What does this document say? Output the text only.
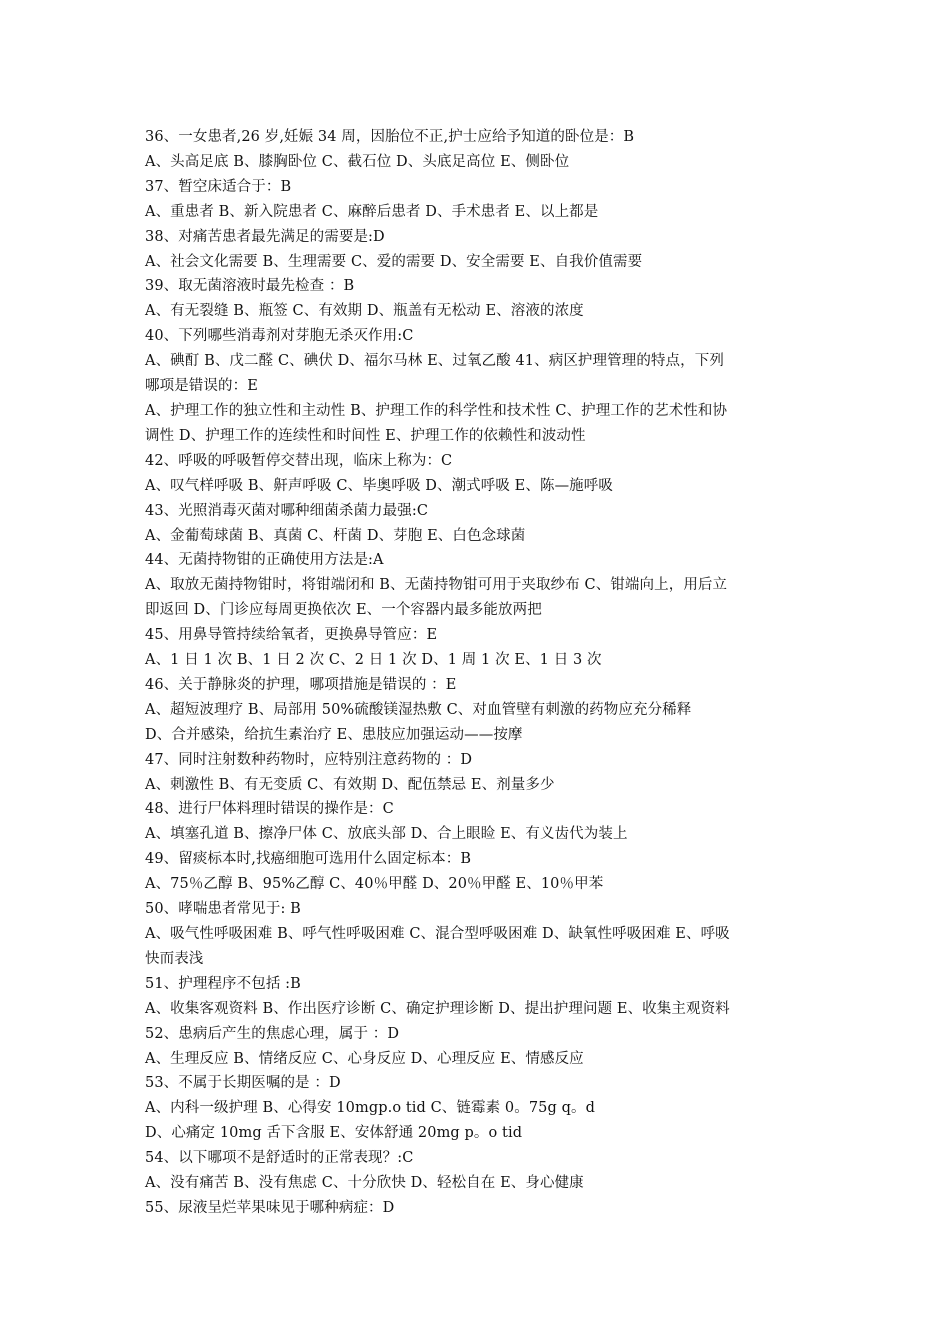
36、一女患者,26 岁,妊娠 34 周，因胎位不正,护士应给予知道的卧位是：B

A、头高足底 B、膝胸卧位 C、截石位 D、头底足高位 E、侧卧位

37、暂空床适合于：B

A、重患者 B、新入院患者 C、麻醉后患者 D、手术患者 E、以上都是

38、对痛苦患者最先满足的需要是:D

A、社会文化需要 B、生理需要 C、爱的需要 D、安全需要 E、自我价值需要

39、取无菌溶液时最先检查 ：B

A、有无裂缝 B、瓶签 C、有效期 D、瓶盖有无松动 E、溶液的浓度

40、下列哪些消毒剂对芽胞无杀灭作用:C

A、碘酊 B、戊二醛 C、碘伏 D、福尔马林 E、过氧乙酸 41、病区护理管理的特点，下列

哪项是错误的：E

A、护理工作的独立性和主动性 B、护理工作的科学性和技术性 C、护理工作的艺术性和协

调性 D、护理工作的连续性和时间性 E、护理工作的依赖性和波动性

42、呼吸的呼吸暂停交替出现，临床上称为：C

A、叹气样呼吸 B、鼾声呼吸 C、毕奥呼吸 D、潮式呼吸 E、陈—施呼吸

43、光照消毒灭菌对哪种细菌杀菌力最强:C

A、金葡萄球菌 B、真菌 C、杆菌 D、芽胞 E、白色念球菌

44、无菌持物钳的正确使用方法是:A

A、取放无菌持物钳时，将钳端闭和 B、无菌持物钳可用于夹取纱布 C、钳端向上，用后立

即返回 D、门诊应每周更换依次 E、一个容器内最多能放两把

45、用鼻导管持续给氧者，更换鼻导管应：E

A、1 日 1 次 B、1 日 2 次 C、2 日 1 次 D、1 周 1 次 E、1 日 3 次

46、关于静脉炎的护理，哪项措施是错误的 ：E

A、超短波理疗 B、局部用 50%硫酸镁湿热敷 C、对血管壁有刺激的药物应充分稀释

D、合并感染，给抗生素治疗 E、患肢应加强运动——按摩

47、同时注射数种药物时，应特别注意药物的 ：D

A、刺激性 B、有无变质 C、有效期 D、配伍禁忌 E、剂量多少

48、进行尸体料理时错误的操作是：C

A、填塞孔道 B、擦净尸体 C、放底头部 D、合上眼睑 E、有义齿代为装上

49、留痰标本时,找癌细胞可选用什么固定标本：B

A、75％乙醇 B、95%乙醇 C、40％甲醛 D、20％甲醛 E、10％甲苯

50、哮喘患者常见于: B

A、吸气性呼吸困难 B、呼气性呼吸困难 C、混合型呼吸困难 D、缺氧性呼吸困难 E、呼吸

快而表浅

51、护理程序不包括 :B

A、收集客观资料 B、作出医疗诊断 C、确定护理诊断 D、提出护理问题 E、收集主观资料

52、患病后产生的焦虑心理，属于 ：D

A、生理反应 B、情绪反应 C、心身反应 D、心理反应 E、情感反应

53、不属于长期医嘱的是 ：D

A、内科一级护理 B、心得安 10mgp.o tid C、链霉素 0。75g q。d

D、心痛定 10mg 舌下含服 E、安体舒通 20mg p。o tid

54、以下哪项不是舒适时的正常表现？:C

A、没有痛苦 B、没有焦虑 C、十分欣快 D、轻松自在 E、身心健康

55、尿液呈烂苹果味见于哪种病症：D
